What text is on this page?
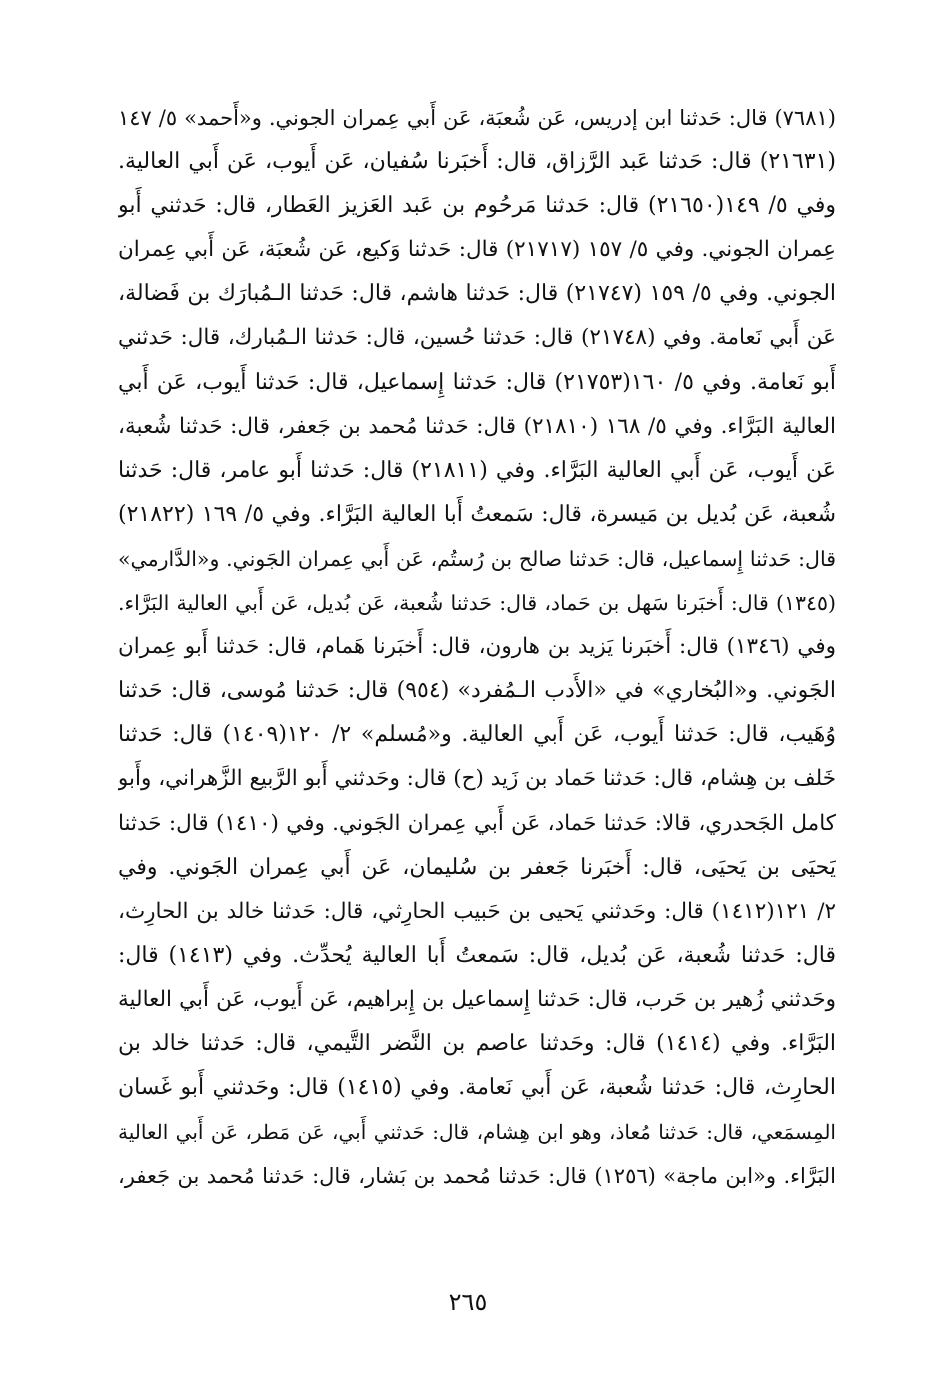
(٧٦٨١) قال: حَدثنا ابن إدريس، عَن شُعبَة، عَن أَبي عِمران الجوني. و«أَحمد» ٥/ ١٤٧
(٢١٦٣١) قال: حَدثنا عَبد الرَّزاق، قال: أَخبَرنا سُفيان، عَن أَيوب، عَن أَبي العالية.
وفي ٥/ ١٤٩(٢١٦٥٠) قال: حَدثنا مَرحُوم بن عَبد العَزيز العَطار، قال: حَدثني أَبو
عِمران الجوني. وفي ٥/ ١٥٧ (٢١٧١٧) قال: حَدثنا وَكيع، عَن شُعبَة، عَن أَبي عِمران
الجوني. وفي ٥/ ١٥٩ (٢١٧٤٧) قال: حَدثنا هاشم، قال: حَدثنا الـمُبارَك بن فَضالة،
عَن أَبي نَعامة. وفي (٢١٧٤٨) قال: حَدثنا حُسين، قال: حَدثنا الـمُبارك، قال: حَدثني
أَبو نَعامة. وفي ٥/ ١٦٠(٢١٧٥٣) قال: حَدثنا إِسماعيل، قال: حَدثنا أَيوب، عَن أَبي
العالية البَرَّاء. وفي ٥/ ١٦٨ (٢١٨١٠) قال: حَدثنا مُحمد بن جَعفر، قال: حَدثنا شُعبة،
عَن أَيوب، عَن أَبي العالية البَرَّاء. وفي (٢١٨١١) قال: حَدثنا أَبو عامر، قال: حَدثنا
شُعبة، عَن بُديل بن مَيسرة، قال: سَمعتُ أَبا العالية البَرَّاء. وفي ٥/ ١٦٩ (٢١٨٢٢)
قال: حَدثنا إِسماعيل، قال: حَدثنا صالح بن رُستُم، عَن أَبي عِمران الجَوني. و«الدَّارمي»
(١٣٤٥) قال: أَخبَرنا سَهل بن حَماد، قال: حَدثنا شُعبة، عَن بُديل، عَن أَبي العالية البَرَّاء.
وفي (١٣٤٦) قال: أَخبَرنا يَزيد بن هارون، قال: أَخبَرنا هَمام، قال: حَدثنا أَبو عِمران
الجَوني. و«البُخاري» في «الأَدب الـمُفرد» (٩٥٤) قال: حَدثنا مُوسى، قال: حَدثنا
وُهَيب، قال: حَدثنا أَيوب، عَن أَبي العالية. و«مُسلم» ٢/ ١٢٠(١٤٠٩) قال: حَدثنا
خَلف بن هِشام، قال: حَدثنا حَماد بن زَيد (ح) قال: وحَدثني أَبو الرَّبيع الزَّهراني، وأَبو
كامل الجَحدري، قالا: حَدثنا حَماد، عَن أَبي عِمران الجَوني. وفي (١٤١٠) قال: حَدثنا
يَحيَى بن يَحيَى، قال: أَخبَرنا جَعفر بن سُليمان، عَن أَبي عِمران الجَوني. وفي
٢/ ١٢١(١٤١٢) قال: وحَدثني يَحيى بن حَبيب الحارِثي، قال: حَدثنا خالد بن الحارِث،
قال: حَدثنا شُعبة، عَن بُديل، قال: سَمعتُ أَبا العالية يُحدِّث. وفي (١٤١٣) قال:
وحَدثني زُهير بن حَرب، قال: حَدثنا إِسماعيل بن إِبراهيم، عَن أَيوب، عَن أَبي العالية
البَرَّاء. وفي (١٤١٤) قال: وحَدثنا عاصم بن النَّضر التَّيمي، قال: حَدثنا خالد بن
الحارِث، قال: حَدثنا شُعبة، عَن أَبي نَعامة. وفي (١٤١٥) قال: وحَدثني أَبو غَسان
المِسمَعي، قال: حَدثنا مُعاذ، وهو ابن هِشام، قال: حَدثني أَبي، عَن مَطر، عَن أَبي العالية
البَرَّاء. و«ابن ماجة» (١٢٥٦) قال: حَدثنا مُحمد بن بَشار، قال: حَدثنا مُحمد بن جَعفر،
٢٦٥
